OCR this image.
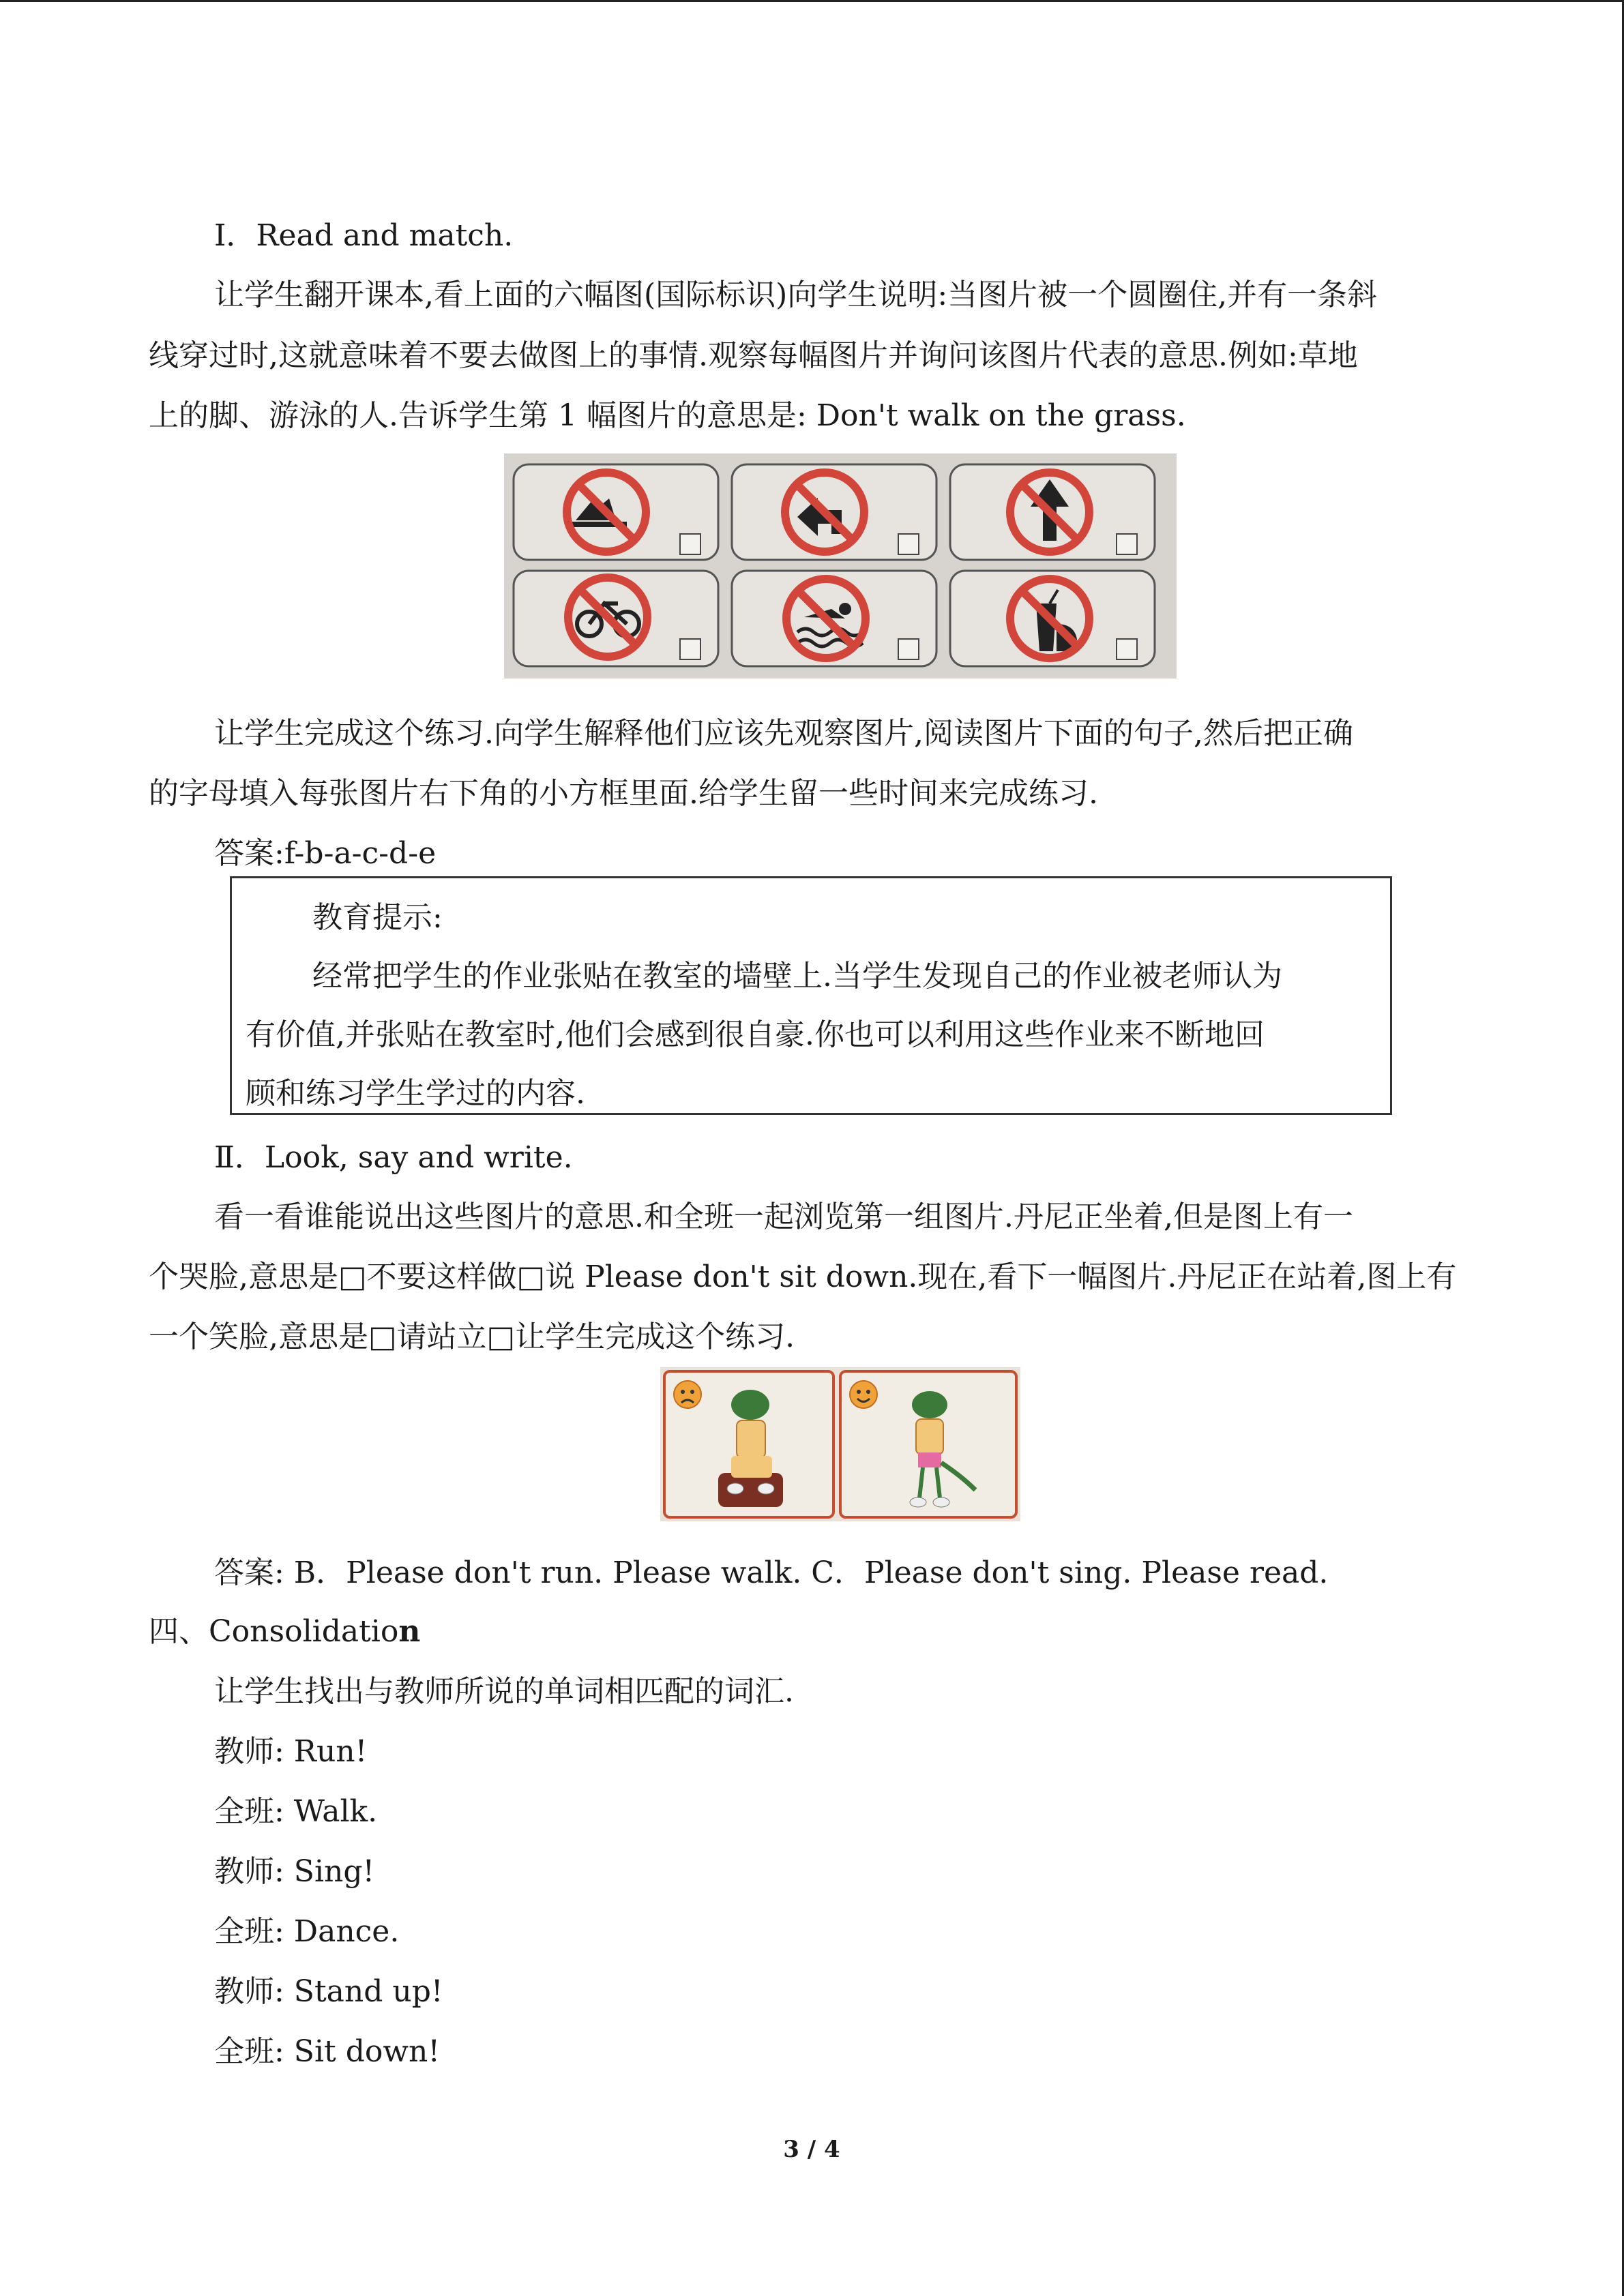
Ⅰ．Read and match.
让学生翻开课本,看上面的六幅图(国际标识)向学生说明:当图片被一个圆圈住,并有一条斜
线穿过时,这就意味着不要去做图上的事情.观察每幅图片并询问该图片代表的意思.例如:草地
上的脚、游泳的人.告诉学生第 1 幅图片的意思是: Don't walk on the grass.
让学生完成这个练习.向学生解释他们应该先观察图片,阅读图片下面的句子,然后把正确
的字母填入每张图片右下角的小方框里面.给学生留一些时间来完成练习.
答案:f-b-a-c-d-e
教育提示:
经常把学生的作业张贴在教室的墙壁上.当学生发现自己的作业被老师认为
有价值,并张贴在教室时,他们会感到很自豪.你也可以利用这些作业来不断地回
顾和练习学生学过的内容.
Ⅱ．Look, say and write.
看一看谁能说出这些图片的意思.和全班一起浏览第一组图片.丹尼正坐着,但是图上有一
个哭脸,意思是□不要这样做□说 Please don't sit down.现在,看下一幅图片.丹尼正在站着,图上有
一个笑脸,意思是□请站立□让学生完成这个练习.
答案: B．Please don't run. Please walk. C．Please don't sing. Please read.
四、Consolidation
让学生找出与教师所说的单词相匹配的词汇.
教师: Run!
全班: Walk.
教师: Sing!
全班: Dance.
教师: Stand up!
全班: Sit down!
3 / 4
